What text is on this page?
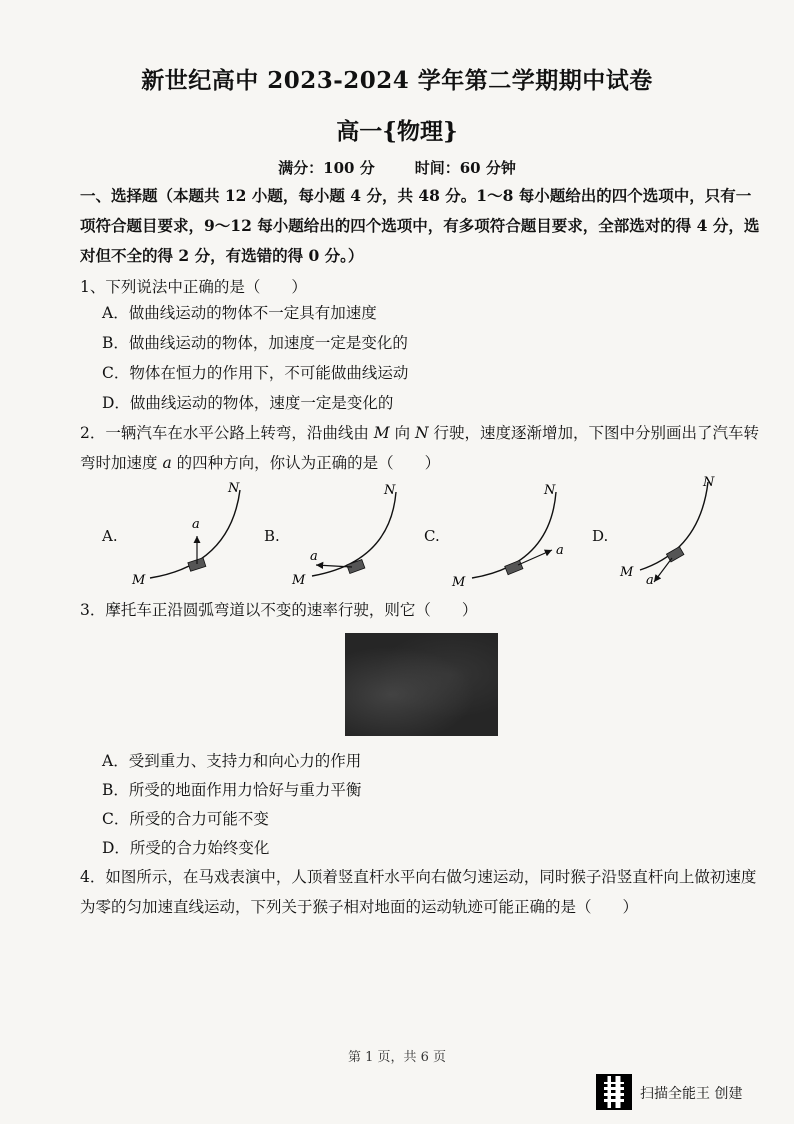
新世纪高中 2023-2024 学年第二学期期中试卷
高一{物理}
满分：100 分	时间：60 分钟
一、选择题（本题共 12 小题，每小题 4 分，共 48 分。1～8 每小题给出的四个选项中，只有一项符合题目要求，9～12 每小题给出的四个选项中，有多项符合题目要求，全部选对的得 4 分，选对但不全的得 2 分，有选错的得 0 分。）
1、下列说法中正确的是（　　）
A．做曲线运动的物体不一定具有加速度
B．做曲线运动的物体，加速度一定是变化的
C．物体在恒力的作用下，不可能做曲线运动
D．做曲线运动的物体，速度一定是变化的
2．一辆汽车在水平公路上转弯，沿曲线由 M 向 N 行驶，速度逐渐增加，下图中分别画出了汽车转弯时加速度 a 的四种方向，你认为正确的是（　　）
A.	B.	C.	D.
a
M
N
a
M
N
a
M
N
a
M
N
3．摩托车正沿圆弧弯道以不变的速率行驶，则它（　　）
A．受到重力、支持力和向心力的作用
B．所受的地面作用力恰好与重力平衡
C．所受的合力可能不变
D．所受的合力始终变化
4．如图所示，在马戏表演中，人顶着竖直杆水平向右做匀速运动，同时猴子沿竖直杆向上做初速度为零的匀加速直线运动，下列关于猴子相对地面的运动轨迹可能正确的是（　　）
第 1 页，共 6 页
扫描全能王 创建
